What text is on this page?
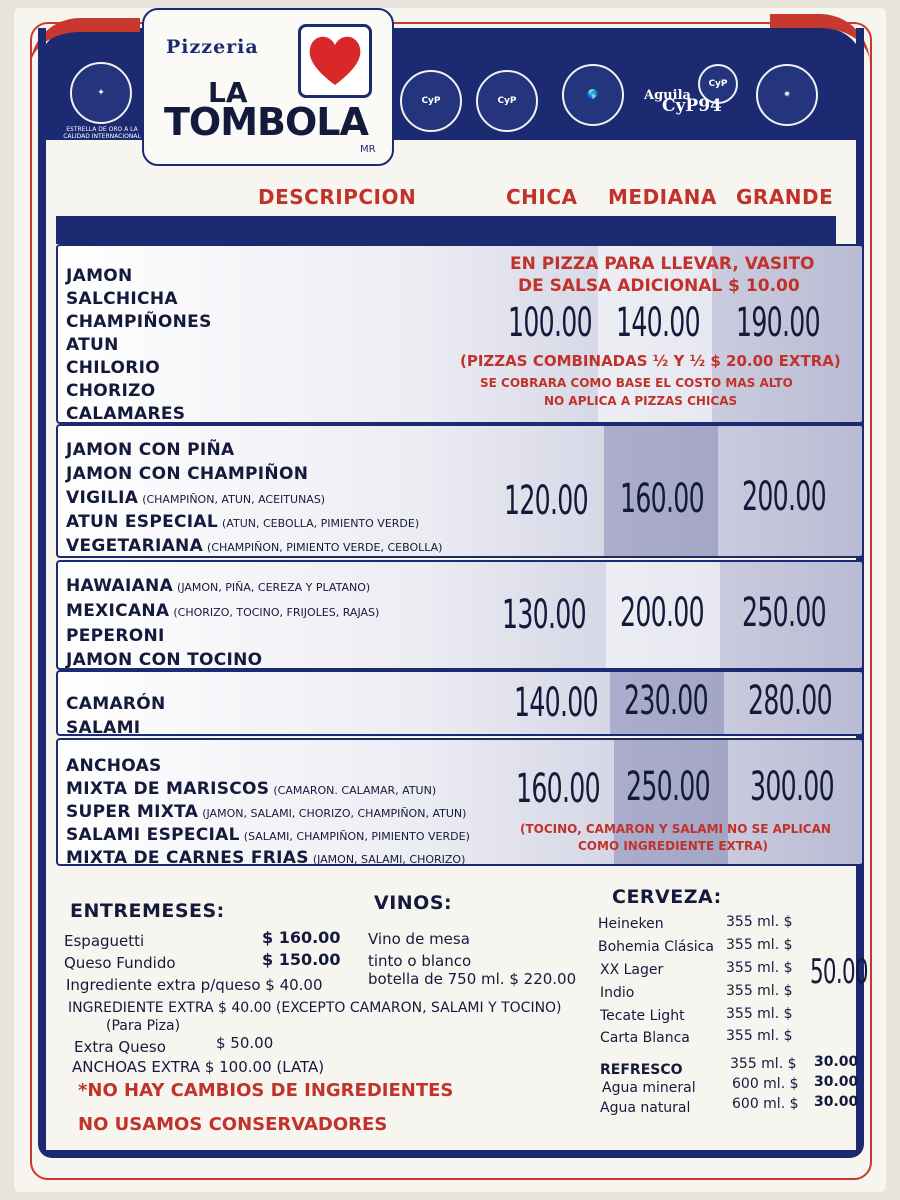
✦
ESTRELLA DE ORO A LA CALIDAD INTERNACIONAL
CyP	CyP
🌎
CyP
Aguila
CyP94
✷
Pizzeria
LA
TOMBOLA
MR
DESCRIPCION	CHICA MEDIANA GRANDE
JAMON
SALCHICHA
CHAMPIÑONES
ATUN
CHILORIO
CHORIZO
CALAMARES
EN PIZZA PARA LLEVAR, VASITO
DE SALSA ADICIONAL $ 10.00
100.00 140.00 190.00
(PIZZAS COMBINADAS ½ Y ½ $ 20.00 EXTRA)
SE COBRARA COMO BASE EL COSTO MAS ALTO
NO APLICA A PIZZAS CHICAS
JAMON CON PIÑA
JAMON CON CHAMPIÑON
VIGILIA (CHAMPIÑON, ATUN, ACEITUNAS)
ATUN ESPECIAL (ATUN, CEBOLLA, PIMIENTO VERDE)
VEGETARIANA (CHAMPIÑON, PIMIENTO VERDE, CEBOLLA)
120.00 160.00 200.00
HAWAIANA (JAMON, PIÑA, CEREZA Y PLATANO)
MEXICANA (CHORIZO, TOCINO, FRIJOLES, RAJAS)
PEPERONI
JAMON CON TOCINO
130.00 200.00 250.00
CAMARÓN
SALAMI
140.00 230.00 280.00
ANCHOAS
MIXTA DE MARISCOS (CAMARON. CALAMAR, ATUN)
SUPER MIXTA (JAMON, SALAMI, CHORIZO, CHAMPIÑON, ATUN)
SALAMI ESPECIAL (SALAMI, CHAMPIÑON, PIMIENTO VERDE)
MIXTA DE CARNES FRIAS (JAMON, SALAMI, CHORIZO)
160.00 250.00 300.00
(TOCINO, CAMARON Y SALAMI NO SE APLICAN
COMO INGREDIENTE EXTRA)
ENTREMESES:
Espaguetti	$ 160.00
Queso Fundido	$ 150.00
Ingrediente extra p/queso $ 40.00
INGREDIENTE EXTRA $ 40.00 (EXCEPTO CAMARON, SALAMI Y TOCINO)
(Para Piza)
Extra Queso	$ 50.00
ANCHOAS EXTRA $ 100.00 (LATA)
*NO HAY CAMBIOS DE INGREDIENTES
NO USAMOS CONSERVADORES
VINOS:
Vino de mesa
tinto o blanco
botella de 750 ml. $ 220.00
CERVEZA:
Heineken	355 ml. $
Bohemia Clásica 355 ml. $
XX Lager	355 ml. $
Indio	355 ml. $
Tecate Light	355 ml. $
Carta Blanca	355 ml. $
50.00
REFRESCO	355 ml. $ 30.00
Agua mineral	600 ml. $ 30.00
Agua natural	600 ml. $ 30.00
